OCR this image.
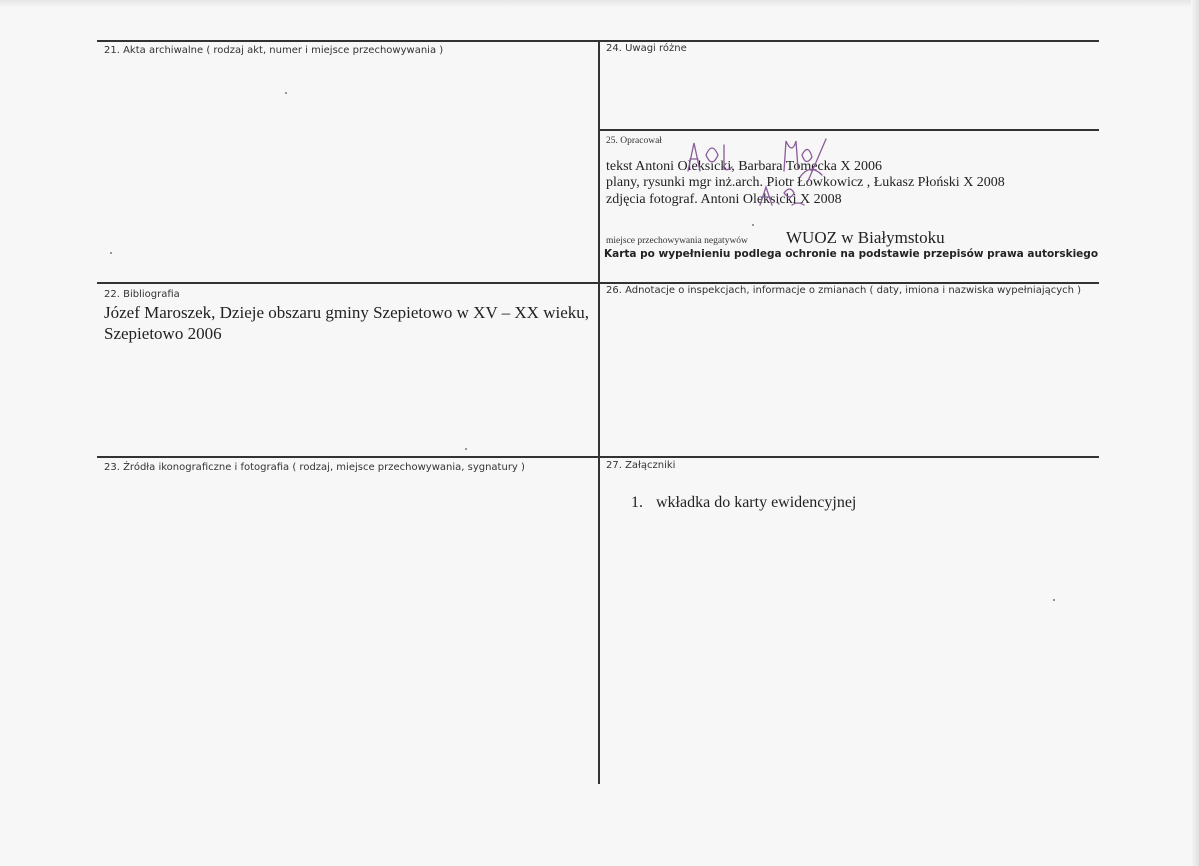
21. Akta archiwalne ( rodzaj akt, numer i miejsce przechowywania )	24. Uwagi różne
25. Opracował
tekst Antoni Oleksicki, Barbara Tomecka X 2006
plany, rysunki mgr inż.arch. Piotr Łowkowicz , Łukasz Płoński X 2008
zdjęcia fotograf. Antoni Oleksicki X 2008
miejsce przechowywania negatywów WUOZ w Białymstoku
Karta po wypełnieniu podlega ochronie na podstawie przepisów prawa autorskiego
22. Bibliografia
Józef Maroszek, Dzieje obszaru gminy Szepietowo w XV – XX wieku,
Szepietowo 2006
26. Adnotacje o inspekcjach, informacje o zmianach ( daty, imiona i nazwiska wypełniających )
23. Źródła ikonograficzne i fotografia ( rodzaj, miejsce przechowywania, sygnatury )	27. Załączniki
1. wkładka do karty ewidencyjnej
